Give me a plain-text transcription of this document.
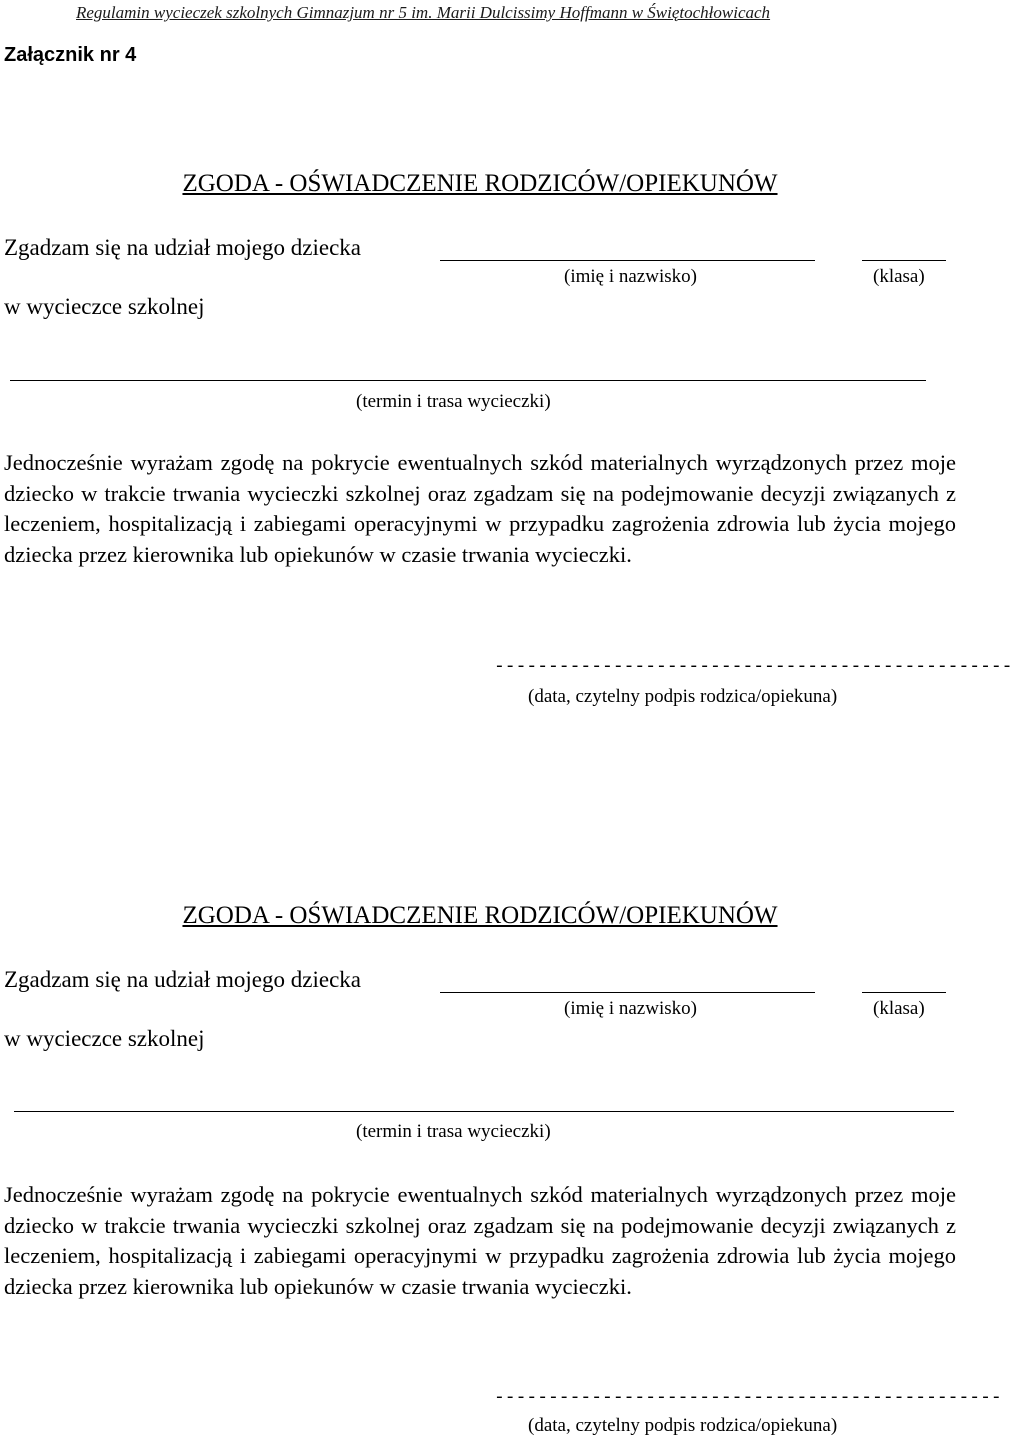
Regulamin wycieczek szkolnych Gimnazjum nr 5 im. Marii Dulcissimy Hoffmann w Świętochłowicach
Załącznik nr 4
ZGODA - OŚWIADCZENIE RODZICÓW/OPIEKUNÓW
Zgadzam się na udział mojego dziecka
(imię i nazwisko)	(klasa)
w wycieczce szkolnej
(termin i trasa wycieczki)

Jednocześnie wyrażam zgodę na pokrycie ewentualnych szkód materialnych wyrządzonych przez moje dziecko w trakcie trwania wycieczki szkolnej oraz zgadzam się na podejmowanie decyzji związanych z leczeniem, hospitalizacją i zabiegami operacyjnymi w przypadku zagrożenia zdrowia lub życia mojego dziecka przez kierownika lub opiekunów w czasie trwania wycieczki.

------------------------------------------------
(data, czytelny podpis rodzica/opiekuna)
ZGODA - OŚWIADCZENIE RODZICÓW/OPIEKUNÓW
Zgadzam się na udział mojego dziecka
(imię i nazwisko)	(klasa)
w wycieczce szkolnej
(termin i trasa wycieczki)

Jednocześnie wyrażam zgodę na pokrycie ewentualnych szkód materialnych wyrządzonych przez moje dziecko w trakcie trwania wycieczki szkolnej oraz zgadzam się na podejmowanie decyzji związanych z leczeniem, hospitalizacją i zabiegami operacyjnymi w przypadku zagrożenia zdrowia lub życia mojego dziecka przez kierownika lub opiekunów w czasie trwania wycieczki.

-----------------------------------------------
(data, czytelny podpis rodzica/opiekuna)
